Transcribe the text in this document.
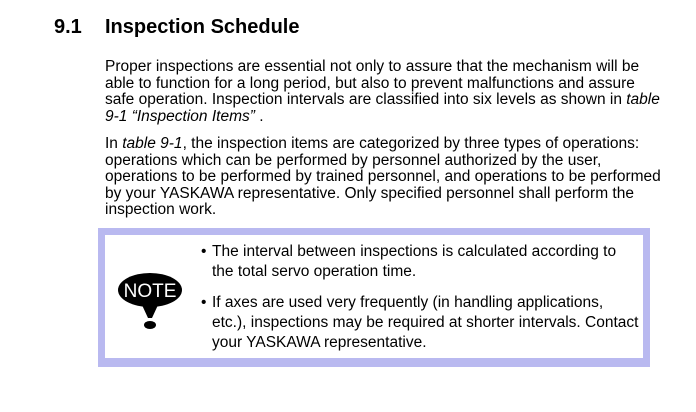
9.1 Inspection Schedule

Proper inspections are essential not only to assure that the mechanism will be able to function for a long period, but also to prevent malfunctions and assure safe operation. Inspection intervals are classified into six levels as shown in table 9-1 “Inspection Items” .

In table 9-1, the inspection items are categorized by three types of operations: operations which can be performed by personnel authorized by the user, operations to be performed by trained personnel, and operations to be performed by your YASKAWA representative. Only specified personnel shall perform the inspection work.

NOTE
• The interval between inspections is calculated according to the total servo operation time.
• If axes are used very frequently (in handling applications, etc.), inspections may be required at shorter intervals. Contact your YASKAWA representative.
